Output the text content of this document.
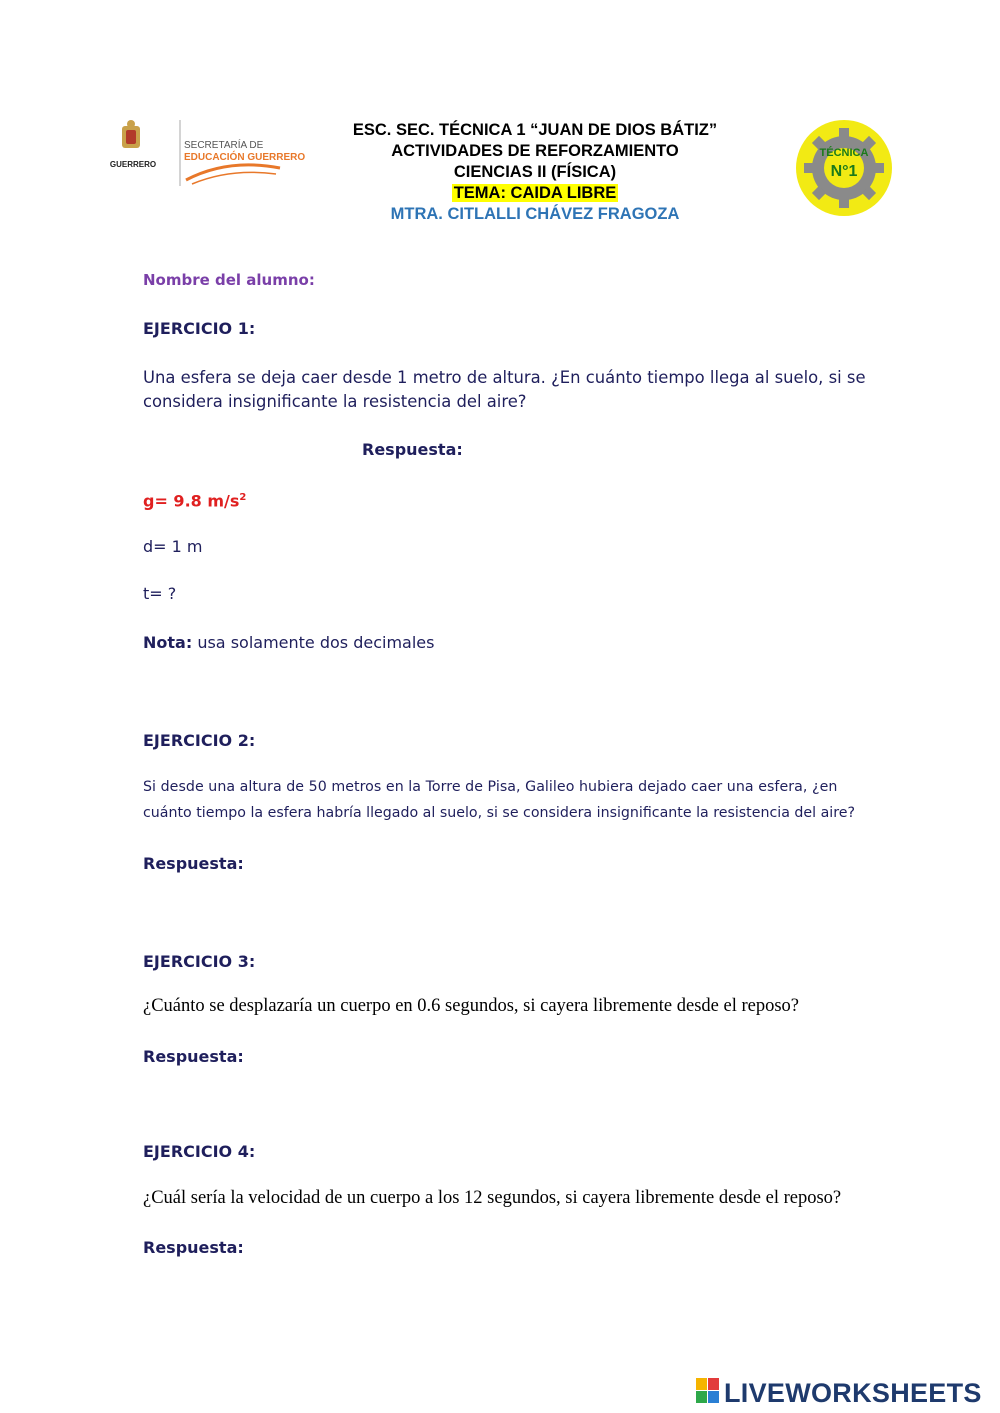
GUERRERO
SECRETARÍA DE
EDUCACIÓN GUERRERO
ESC. SEC. TÉCNICA 1 “JUAN DE DIOS BÁTIZ”
ACTIVIDADES DE REFORZAMIENTO
CIENCIAS II (FÍSICA)
TEMA: CAIDA LIBRE
MTRA. CITLALLI CHÁVEZ FRAGOZA
TÉCNICA
N°1
Nombre del alumno:
EJERCICIO 1:
Una esfera se deja caer desde 1 metro de altura. ¿En cuánto tiempo llega al suelo, si se
considera insignificante la resistencia del aire?
Respuesta:
g= 9.8 $m/s^2$
d= 1 m
t= ?
Nota: usa solamente dos decimales
EJERCICIO 2:
Si desde una altura de 50 metros en la Torre de Pisa, Galileo hubiera dejado caer una esfera, ¿en
cuánto tiempo la esfera habría llegado al suelo, si se considera insignificante la resistencia del aire?
Respuesta:
EJERCICIO 3:
¿Cuánto se desplazaría un cuerpo en 0.6 segundos, si cayera libremente desde el reposo?
Respuesta:
EJERCICIO 4:
¿Cuál sería la velocidad de un cuerpo a los 12 segundos, si cayera libremente desde el reposo?
Respuesta:
LIVEWORKSHEETS
